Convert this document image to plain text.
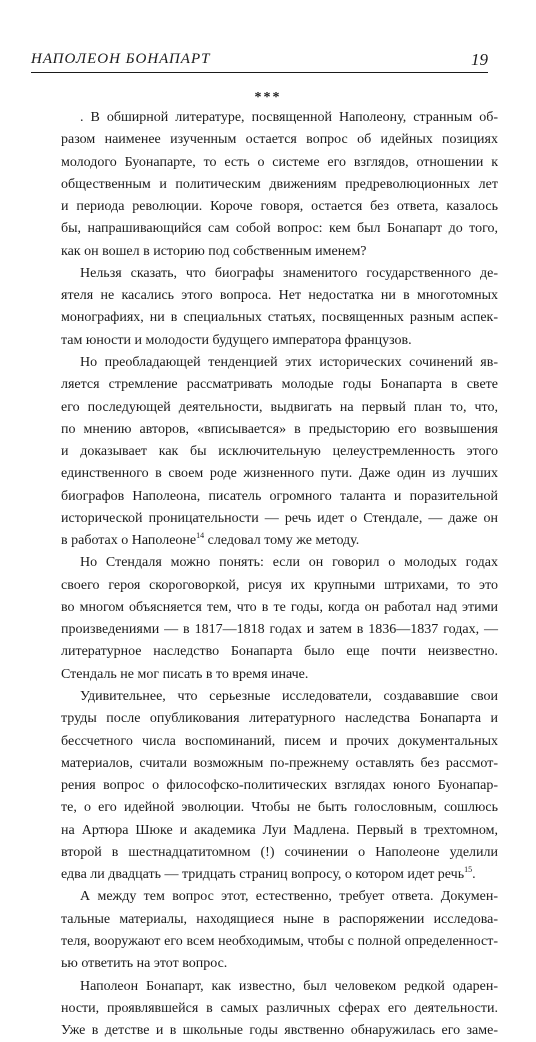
НАПОЛЕОН БОНАПАРТ	19
***
. В обширной литературе, посвященной Наполеону, странным об-
разом наименее изученным остается вопрос об идейных позициях
молодого Буонапарте, то есть о системе его взглядов, отношении к
общественным и политическим движениям предреволюционных лет
и периода революции. Короче говоря, остается без ответа, казалось
бы, напрашивающийся сам собой вопрос: кем был Бонапарт до того,
как он вошел в историю под собственным именем?
Нельзя сказать, что биографы знаменитого государственного де-
ятеля не касались этого вопроса. Нет недостатка ни в многотомных
монографиях, ни в специальных статьях, посвященных разным аспек-
там юности и молодости будущего императора французов.
Но преобладающей тенденцией этих исторических сочинений яв-
ляется стремление рассматривать молодые годы Бонапарта в свете
его последующей деятельности, выдвигать на первый план то, что,
по мнению авторов, «вписывается» в предысторию его возвышения
и доказывает как бы исключительную целеустремленность этого
единственного в своем роде жизненного пути. Даже один из лучших
биографов Наполеона, писатель огромного таланта и поразительной
исторической проницательности — речь идет о Стендале, — даже он
в работах о Наполеоне$^{14}$ следовал тому же методу.
Но Стендаля можно понять: если он говорил о молодых годах
своего героя скороговоркой, рисуя их крупными штрихами, то это
во многом объясняется тем, что в те годы, когда он работал над этими
произведениями — в 1817—1818 годах и затем в 1836—1837 годах, —
литературное наследство Бонапарта было еще почти неизвестно.
Стендаль не мог писать в то время иначе.
Удивительнее, что серьезные исследователи, создававшие свои
труды после опубликования литературного наследства Бонапарта и
бессчетного числа воспоминаний, писем и прочих документальных
материалов, считали возможным по-прежнему оставлять без рассмот-
рения вопрос о философско-политических взглядах юного Буонапар-
те, о его идейной эволюции. Чтобы не быть голословным, сошлюсь
на Артюра Шюке и академика Луи Мадлена. Первый в трехтомном,
второй в шестнадцатитомном (!) сочинении о Наполеоне уделили
едва ли двадцать — тридцать страниц вопросу, о котором идет речь$^{15}$.
А между тем вопрос этот, естественно, требует ответа. Докумен-
тальные материалы, находящиеся ныне в распоряжении исследова-
теля, вооружают его всем необходимым, чтобы с полной определенност-
ью ответить на этот вопрос.
Наполеон Бонапарт, как известно, был человеком редкой одарен-
ности, проявлявшейся в самых различных сферах его деятельности.
Уже в детстве и в школьные годы явственно обнаружилась его заме-
